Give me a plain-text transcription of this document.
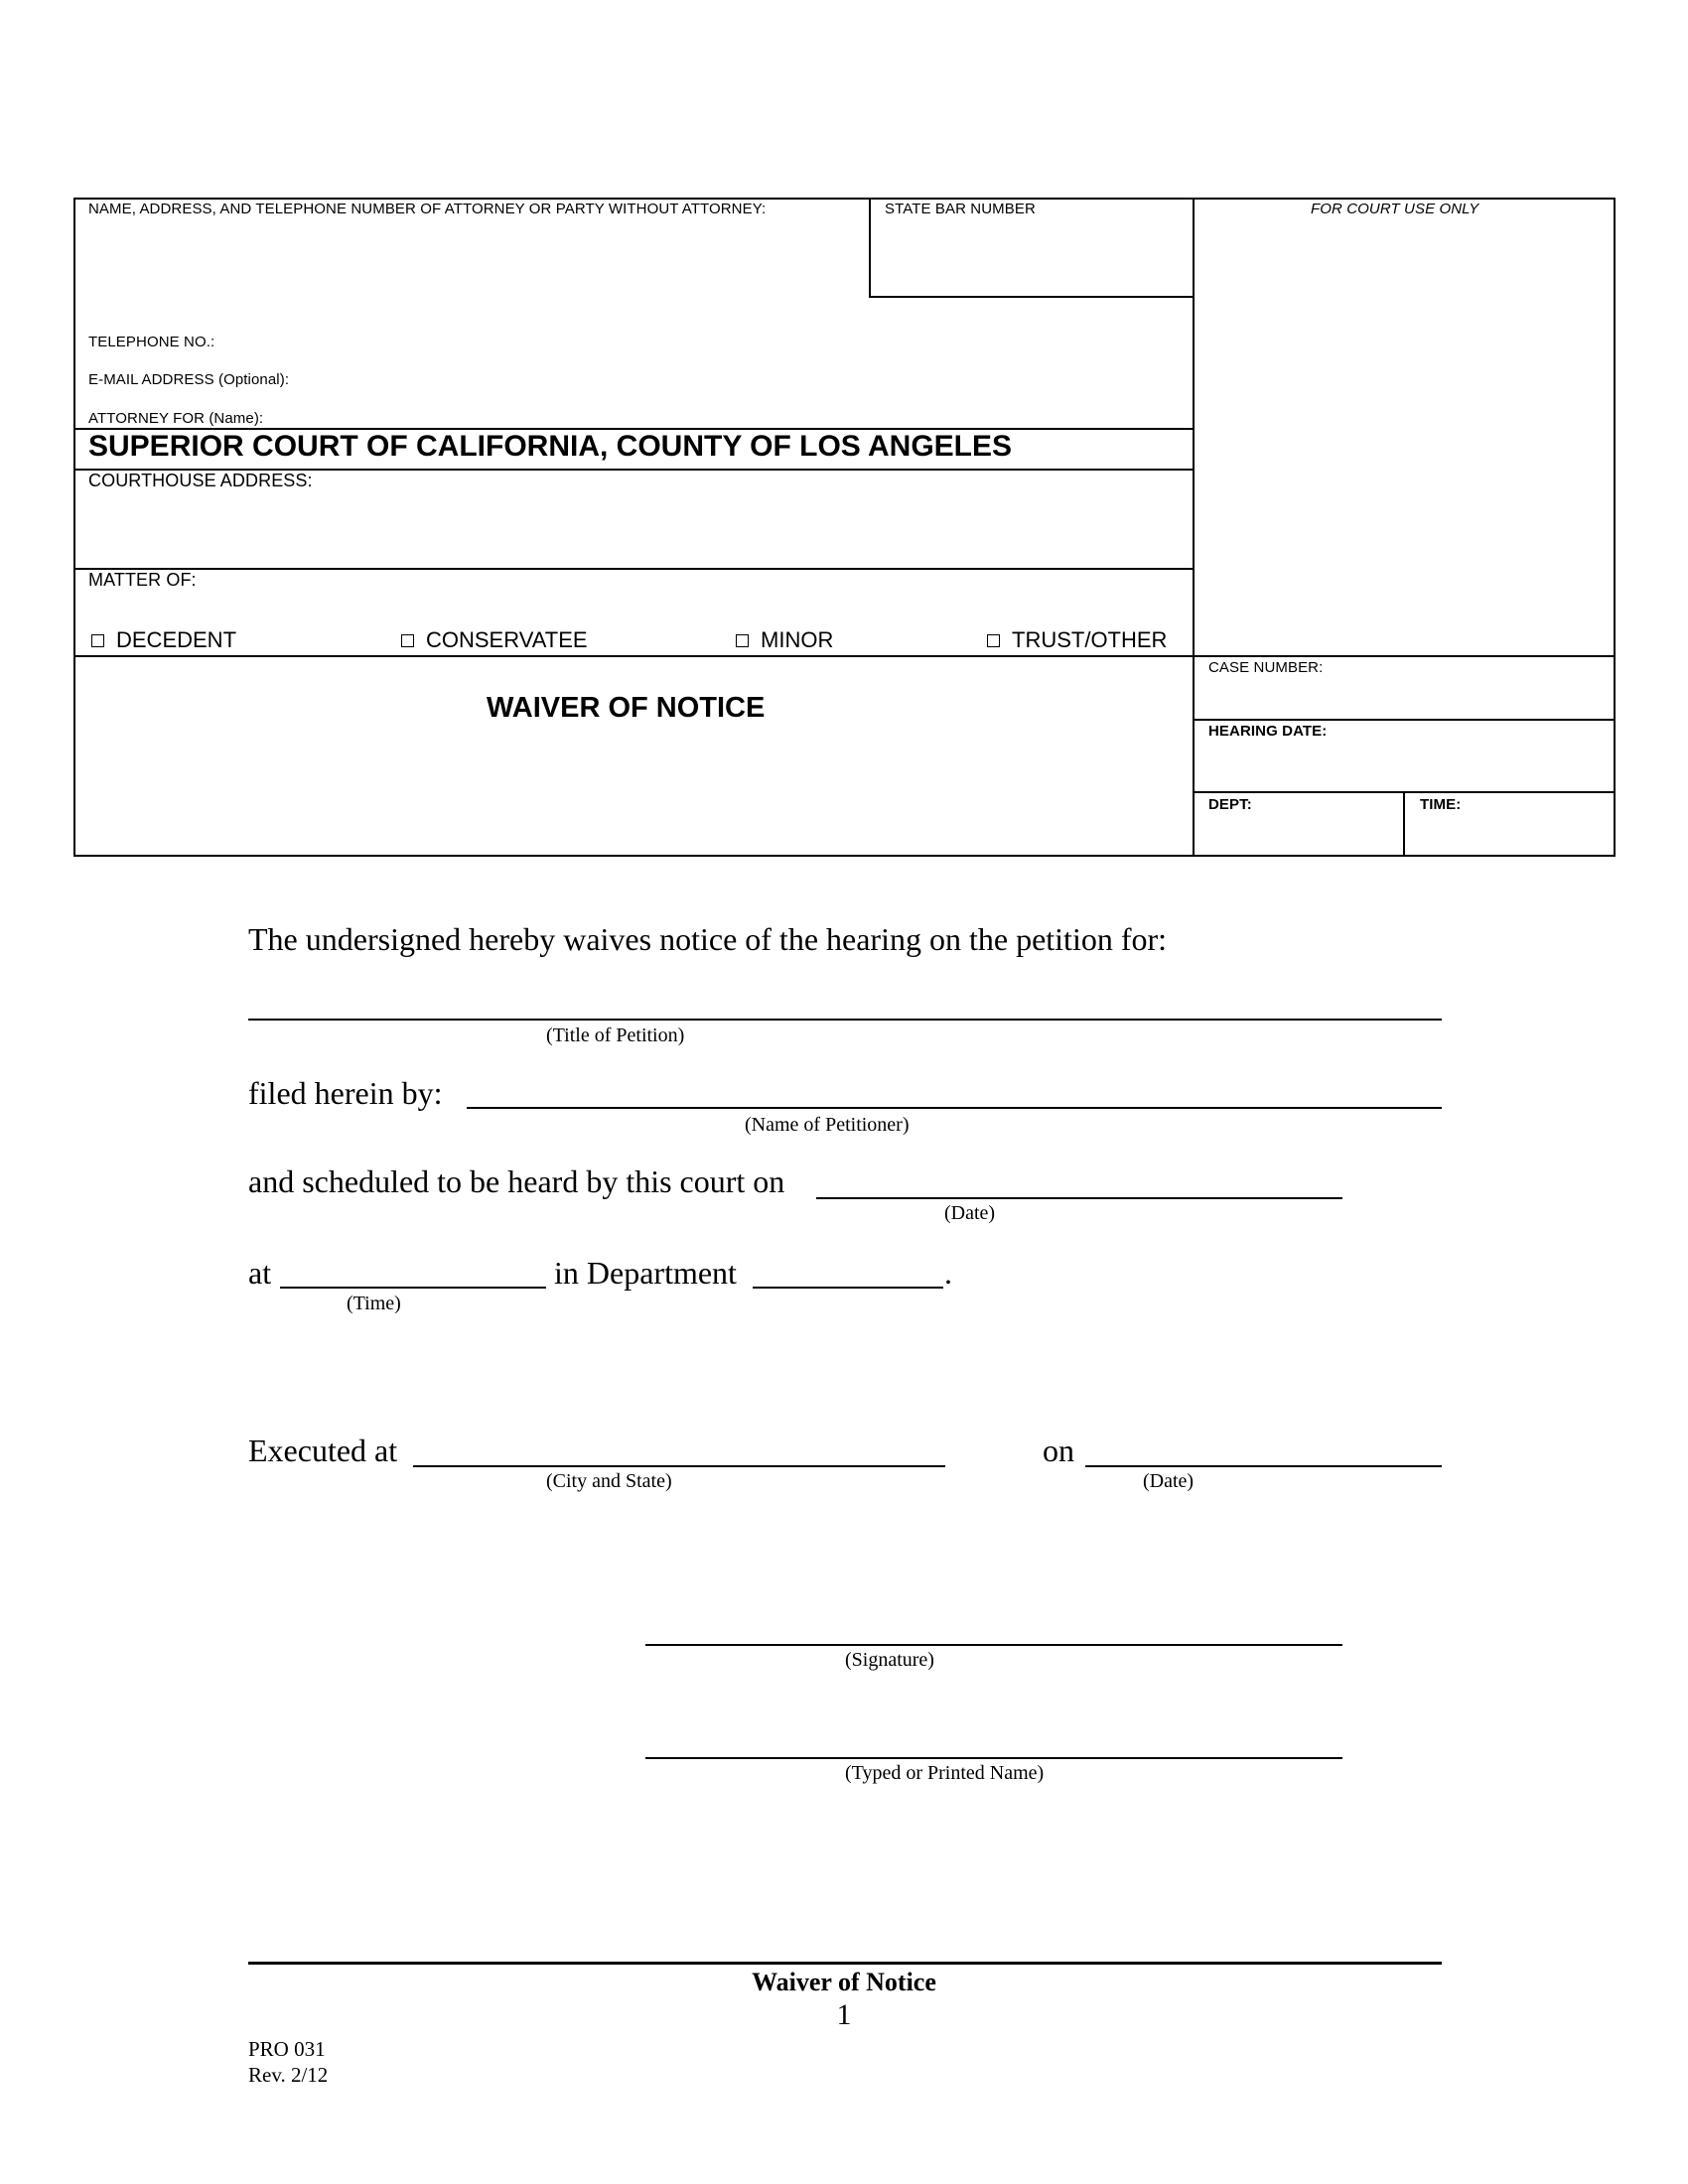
NAME, ADDRESS, AND TELEPHONE NUMBER OF ATTORNEY OR PARTY WITHOUT ATTORNEY:	STATE BAR NUMBER	FOR COURT USE ONLY
TELEPHONE NO.:
E-MAIL ADDRESS (Optional):
ATTORNEY FOR (Name):
SUPERIOR COURT OF CALIFORNIA, COUNTY OF LOS ANGELES
COURTHOUSE ADDRESS:
MATTER OF:
DECEDENT	CONSERVATEE	MINOR	TRUST/OTHER
WAIVER OF NOTICE
CASE NUMBER:
HEARING DATE:
DEPT:	TIME:
The undersigned hereby waives notice of the hearing on the petition for:
(Title of Petition)
filed herein by:
(Name of Petitioner)
and scheduled to be heard by this court on
(Date)
at	in Department	.
(Time)
Executed at
(City and State)
on
(Date)
(Signature)
(Typed or Printed Name)
Waiver of Notice
1
PRO 031
Rev. 2/12
